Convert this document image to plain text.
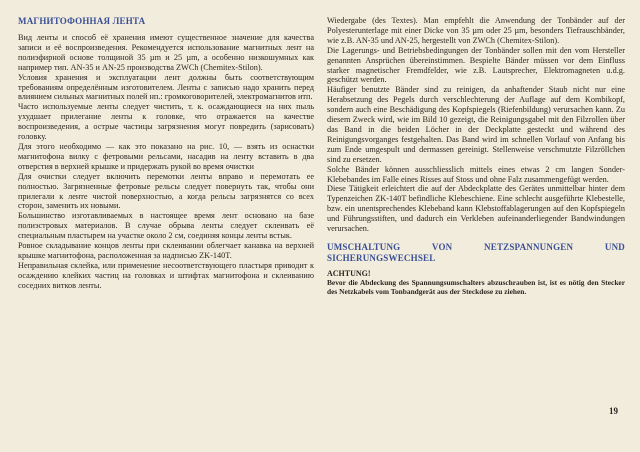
МАГНИТОФОННАЯ ЛЕНТА

Вид ленты и способ её хранения имеют существенное значение для качества записи и её воспроизведения. Рекомендуется использование магнитных лент на полиэфирной основе толщиной 35 µm и 25 µm, а особенно низкошумных как например тип. AN-35 и AN-25 производства ZWCh (Chemitex-Stilon).

Условия хранения и эксплуатации лент должны быть соответствующим требованиям определённым изготовителем. Ленты с записью надо хранить перед влиянием сильных магнитных полей нп.: громкоговорителей, электромагнитов итп.

Часто используемые ленты следует чистить, т. к. осаждающиеся на них пыль ухудшает прилегание ленты к головке, что отражается на качестве воспроизведения, а острые частицы загрязнения могут повредить (зарисовать) головку.

Для этого необходимо — как это показано на рис. 10, — взять из оснастки магнитофона вилку с фетровыми рельсами, насадив на ленту вставить в два отверстия в верхней крышке и придержать рукой во время очистки

Для очистки следует включить перемотки ленты вправо и перемотать ее полностью. Загрязненные фетровые рельсы следует повернуть так, чтобы они прилегали к ленте чистой поверхностью, а когда рельсы загрязнятся со всех сторон, заменить их новыми.

Большинство изготавливаемых в настоящее время лент основано на базе полиэстровых материалов. В случае обрыва ленты следует склеивать её специальным пластырем на участке около 2 см, соединяя концы ленты встык.

Ровное складывание концов ленты при склеивании облегчает канавка на верхней крышке магнитофона, расположенная за надписью ZK-140T.

Неправильная склейка, или применение несоответствующего пластыря приводит к осаждению клейких частиц на головках и штифтах магнитофона и склеиванию соседних витков ленты.

Wiedergabe (des Textes). Man empfehlt die Anwendung der Tonbänder auf der Polyesterunterlage mit einer Dicke von 35 µm oder 25 µm, besonders Tiefrauschbänder, wie z.B. AN-35 und AN-25, hergestellt von ZWCh (Chemitex-Stilon).

Die Lagerungs- und Betriebsbedingungen der Tonbänder sollen mit den vom Hersteller genannten Ansprüchen übereinstimmen. Bespielte Bänder müssen vor dem Einfluss starker magnetischer Fremdfelder, wie z.B. Lautsprecher, Elektromagneten u.d.g. geschützt werden.

Häufiger benutzte Bänder sind zu reinigen, da anhaftender Staub nicht nur eine Herabsetzung des Pegels durch verschlechterung der Auflage auf dem Kombikopf, sondern auch eine Beschädigung des Kopfspiegels (Riefenbildung) verursachen kann. Zu diesem Zweck wird, wie im Bild 10 gezeigt, die Reinigungsgabel mit den Filzrollen über das Band in die beiden Löcher in der Deckplatte gesteckt und während des Reinigungsvorganges festgehalten. Das Band wird im schnellen Vorlauf von Anfang bis zum Ende umgespult und dermassen gereinigt. Stellenweise verschmutzte Filzröllchen sind zu ersetzen.

Solche Bänder können ausschliesslich mittels eines etwas 2 cm langen Sonder-Klebebandes im Falle eines Risses auf Stoss und ohne Falz zusammengefügt werden.

Diese Tätigkeit erleichtert die auf der Abdeckplatte des Gerätes unmittelbar hinter dem Typenzeichen ZK-140T befindliche Klebeschiene. Eine schlecht ausgeführte Klebestelle, bzw. ein unentsprechendes Klebeband kann Klebstoffablagerungen auf den Kopfspiegeln und Führungsstiften, und dadurch ein Verkleben aufeinanderliegender Bandwindungen verursachen.

UMSCHALTUNG VON NETZSPANNUNGEN UND SICHERUNGSWECHSEL
ACHTUNG!
Bevor die Abdeckung des Spannungsumschalters abzuschrauben ist, ist es nötig den Stecker des Netzkabels vom Tonbandgerät aus der Steckdose zu ziehen.
19
